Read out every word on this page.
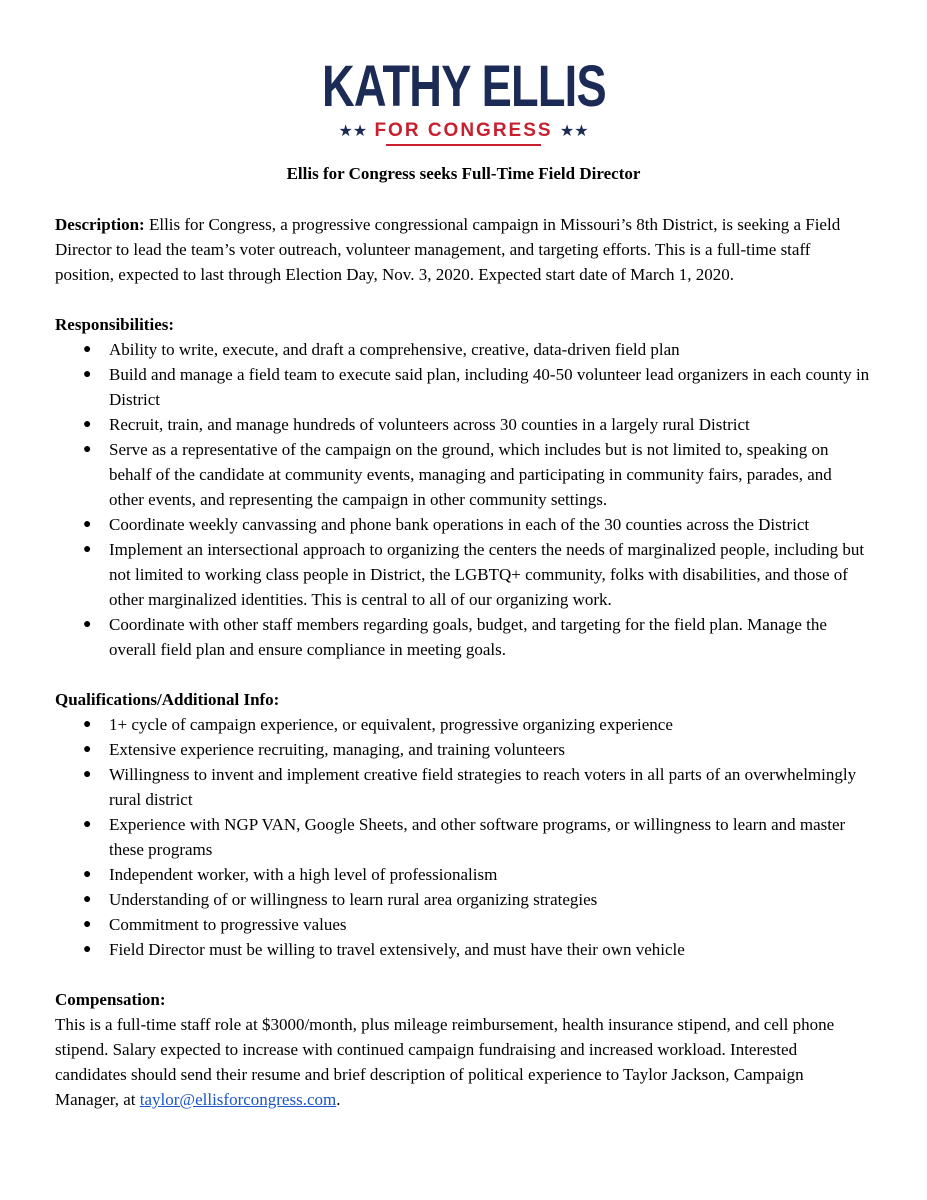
KATHY ELLIS
★★ FOR CONGRESS ★★
Ellis for Congress seeks Full-Time Field Director

Description: Ellis for Congress, a progressive congressional campaign in Missouri’s 8th District, is seeking a Field Director to lead the team’s voter outreach, volunteer management, and targeting efforts. This is a full-time staff position, expected to last through Election Day, Nov. 3, 2020. Expected start date of March 1, 2020.

Responsibilities:
● Ability to write, execute, and draft a comprehensive, creative, data-driven field plan
● Build and manage a field team to execute said plan, including 40-50 volunteer lead organizers in each county in District
● Recruit, train, and manage hundreds of volunteers across 30 counties in a largely rural District
● Serve as a representative of the campaign on the ground, which includes but is not limited to, speaking on behalf of the candidate at community events, managing and participating in community fairs, parades, and other events, and representing the campaign in other community settings.
● Coordinate weekly canvassing and phone bank operations in each of the 30 counties across the District
● Implement an intersectional approach to organizing the centers the needs of marginalized people, including but not limited to working class people in District, the LGBTQ+ community, folks with disabilities, and those of other marginalized identities. This is central to all of our organizing work.
● Coordinate with other staff members regarding goals, budget, and targeting for the field plan. Manage the overall field plan and ensure compliance in meeting goals.
Qualifications/Additional Info:
● 1+ cycle of campaign experience, or equivalent, progressive organizing experience
● Extensive experience recruiting, managing, and training volunteers
● Willingness to invent and implement creative field strategies to reach voters in all parts of an overwhelmingly rural district
● Experience with NGP VAN, Google Sheets, and other software programs, or willingness to learn and master these programs
● Independent worker, with a high level of professionalism
● Understanding of or willingness to learn rural area organizing strategies
● Commitment to progressive values
● Field Director must be willing to travel extensively, and must have their own vehicle
Compensation:

This is a full-time staff role at $3000/month, plus mileage reimbursement, health insurance stipend, and cell phone stipend. Salary expected to increase with continued campaign fundraising and increased workload. Interested candidates should send their resume and brief description of political experience to Taylor Jackson, Campaign Manager, at taylor@ellisforcongress.com.
